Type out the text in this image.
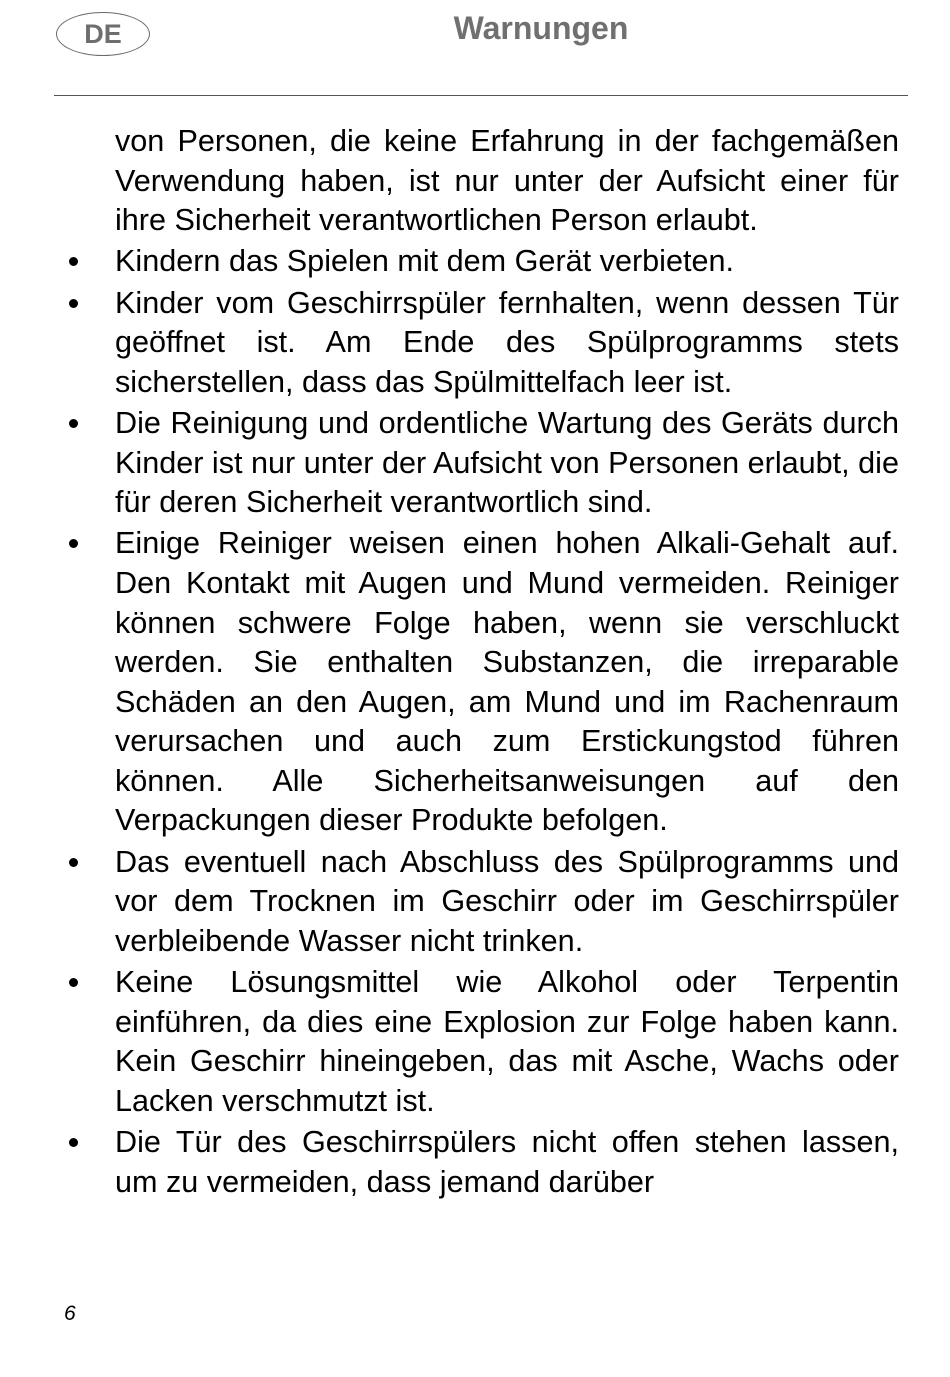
DE	Warnungen

von Personen, die keine Erfahrung in der fachgemäßen Verwendung haben, ist nur unter der Aufsicht einer für ihre Sicherheit verantwortlichen Person erlaubt.

Kindern das Spielen mit dem Gerät verbieten.
Kinder vom Geschirrspüler fernhalten, wenn dessen Tür geöffnet ist. Am Ende des Spülprogramms stets sicherstellen, dass das Spülmittelfach leer ist.
Die Reinigung und ordentliche Wartung des Geräts durch Kinder ist nur unter der Aufsicht von Personen erlaubt, die für deren Sicherheit verantwortlich sind.
Einige Reiniger weisen einen hohen Alkali-Gehalt auf. Den Kontakt mit Augen und Mund vermeiden. Reiniger können schwere Folge haben, wenn sie verschluckt werden. Sie enthalten Substanzen, die irreparable Schäden an den Augen, am Mund und im Rachenraum verursachen und auch zum Erstickungstod führen können. Alle Sicherheitsanweisungen auf den Verpackungen dieser Produkte befolgen.
Das eventuell nach Abschluss des Spülprogramms und vor dem Trocknen im Geschirr oder im Geschirrspüler verbleibende Wasser nicht trinken.
Keine Lösungsmittel wie Alkohol oder Terpentin einführen, da dies eine Explosion zur Folge haben kann. Kein Geschirr hineingeben, das mit Asche, Wachs oder Lacken verschmutzt ist.
Die Tür des Geschirrspülers nicht offen stehen lassen, um zu vermeiden, dass jemand darüber
6
